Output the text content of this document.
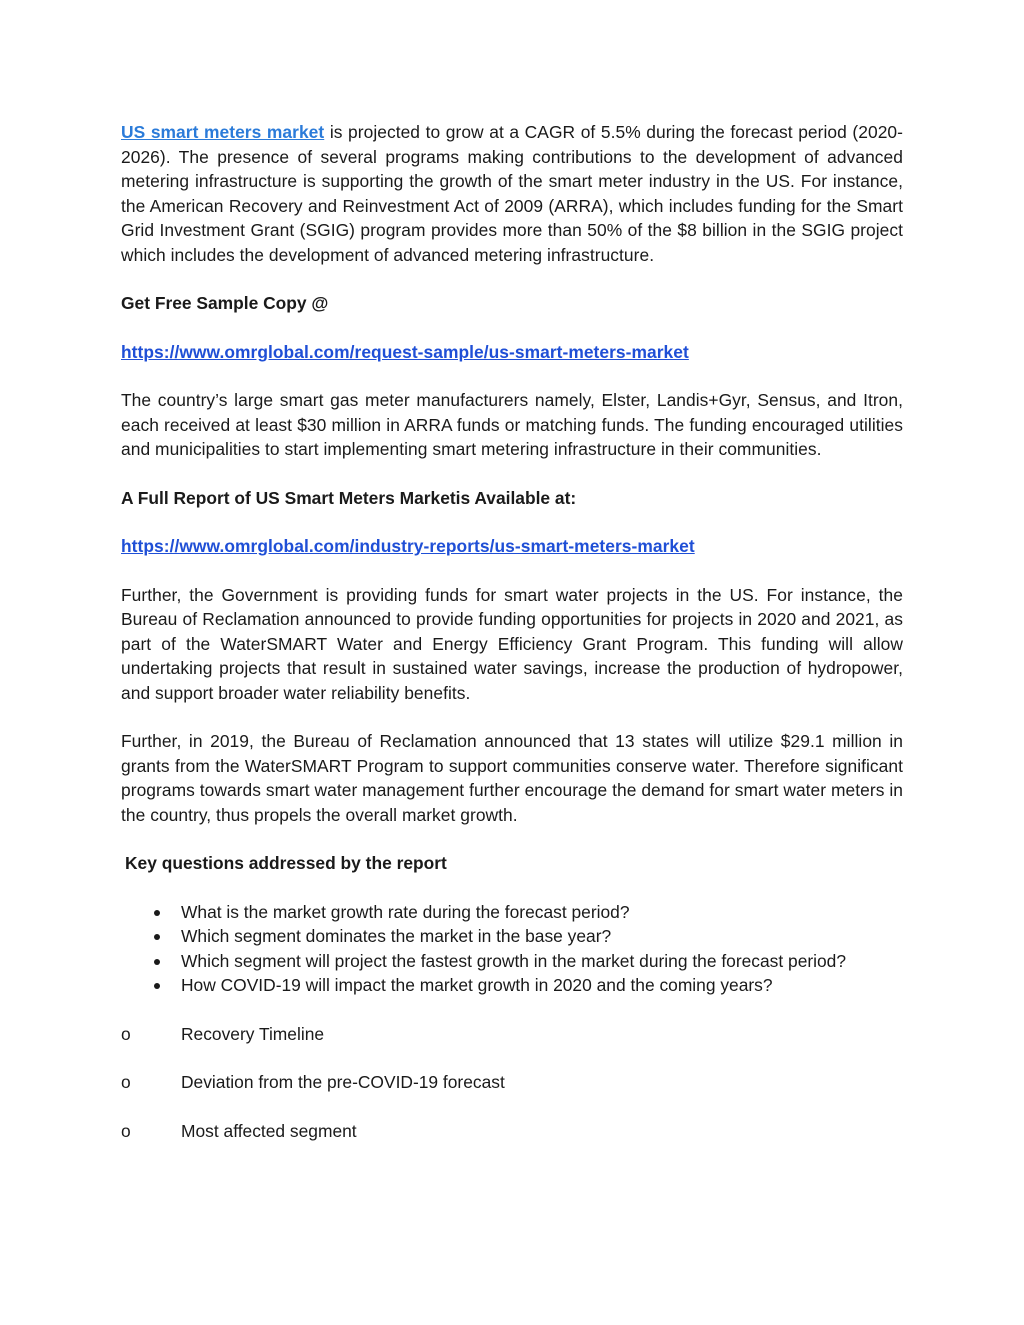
US smart meters market is projected to grow at a CAGR of 5.5% during the forecast period (2020-2026). The presence of several programs making contributions to the development of advanced metering infrastructure is supporting the growth of the smart meter industry in the US. For instance, the American Recovery and Reinvestment Act of 2009 (ARRA), which includes funding for the Smart Grid Investment Grant (SGIG) program provides more than 50% of the $8 billion in the SGIG project which includes the development of advanced metering infrastructure.

Get Free Sample Copy @

https://www.omrglobal.com/request-sample/us-smart-meters-market

The country’s large smart gas meter manufacturers namely, Elster, Landis+Gyr, Sensus, and Itron, each received at least $30 million in ARRA funds or matching funds. The funding encouraged utilities and municipalities to start implementing smart metering infrastructure in their communities.

A Full Report of US Smart Meters Marketis Available at:

https://www.omrglobal.com/industry-reports/us-smart-meters-market

Further, the Government is providing funds for smart water projects in the US. For instance, the Bureau of Reclamation announced to provide funding opportunities for projects in 2020 and 2021, as part of the WaterSMART Water and Energy Efficiency Grant Program. This funding will allow undertaking projects that result in sustained water savings, increase the production of hydropower, and support broader water reliability benefits.

Further, in 2019, the Bureau of Reclamation announced that 13 states will utilize $29.1 million in grants from the WaterSMART Program to support communities conserve water. Therefore significant programs towards smart water management further encourage the demand for smart water meters in the country, thus propels the overall market growth.

Key questions addressed by the report

What is the market growth rate during the forecast period?
Which segment dominates the market in the base year?
Which segment will project the fastest growth in the market during the forecast period?
How COVID-19 will impact the market growth in 2020 and the coming years?
o	Recovery Timeline
o	Deviation from the pre-COVID-19 forecast
o	Most affected segment
